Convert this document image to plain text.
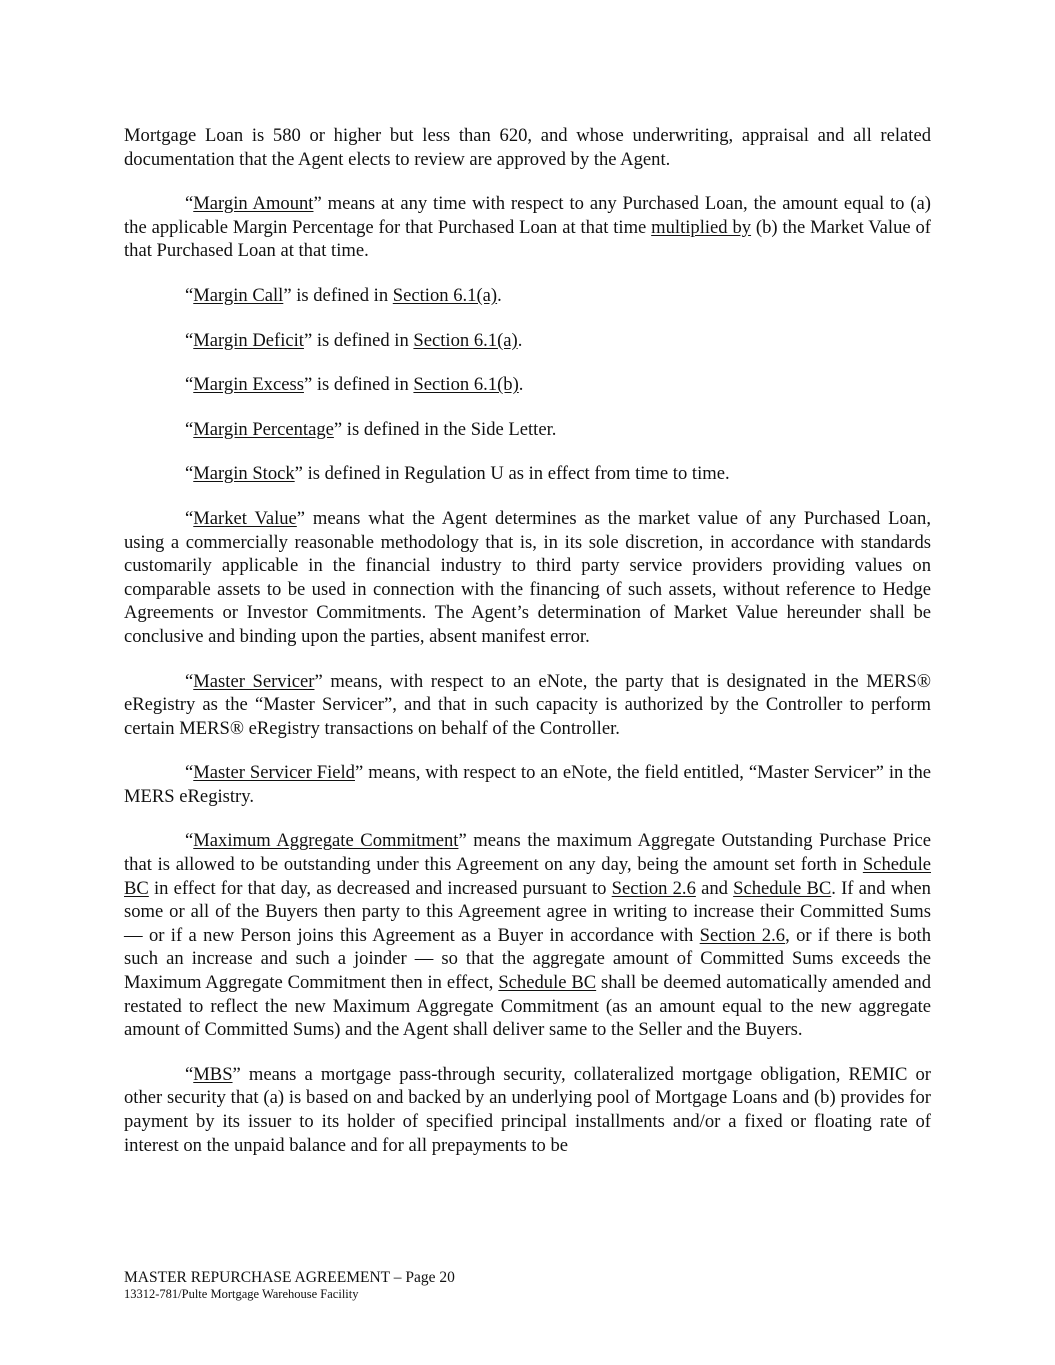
Mortgage Loan is 580 or higher but less than 620, and whose underwriting, appraisal and all related documentation that the Agent elects to review are approved by the Agent.

“Margin Amount” means at any time with respect to any Purchased Loan, the amount equal to (a) the applicable Margin Percentage for that Purchased Loan at that time multiplied by (b) the Market Value of that Purchased Loan at that time.

“Margin Call” is defined in Section 6.1(a).

“Margin Deficit” is defined in Section 6.1(a).

“Margin Excess” is defined in Section 6.1(b).

“Margin Percentage” is defined in the Side Letter.

“Margin Stock” is defined in Regulation U as in effect from time to time.

“Market Value” means what the Agent determines as the market value of any Purchased Loan, using a commercially reasonable methodology that is, in its sole discretion, in accordance with standards customarily applicable in the financial industry to third party service providers providing values on comparable assets to be used in connection with the financing of such assets, without reference to Hedge Agreements or Investor Commitments. The Agent’s determination of Market Value hereunder shall be conclusive and binding upon the parties, absent manifest error.

“Master Servicer” means, with respect to an eNote, the party that is designated in the MERS® eRegistry as the “Master Servicer”, and that in such capacity is authorized by the Controller to perform certain MERS® eRegistry transactions on behalf of the Controller.

“Master Servicer Field” means, with respect to an eNote, the field entitled, “Master Servicer” in the MERS eRegistry.

“Maximum Aggregate Commitment” means the maximum Aggregate Outstanding Purchase Price that is allowed to be outstanding under this Agreement on any day, being the amount set forth in Schedule BC in effect for that day, as decreased and increased pursuant to Section 2.6 and Schedule BC. If and when some or all of the Buyers then party to this Agreement agree in writing to increase their Committed Sums — or if a new Person joins this Agreement as a Buyer in accordance with Section 2.6, or if there is both such an increase and such a joinder — so that the aggregate amount of Committed Sums exceeds the Maximum Aggregate Commitment then in effect, Schedule BC shall be deemed automatically amended and restated to reflect the new Maximum Aggregate Commitment (as an amount equal to the new aggregate amount of Committed Sums) and the Agent shall deliver same to the Seller and the Buyers.

“MBS” means a mortgage pass-through security, collateralized mortgage obligation, REMIC or other security that (a) is based on and backed by an underlying pool of Mortgage Loans and (b) provides for payment by its issuer to its holder of specified principal installments and/or a fixed or floating rate of interest on the unpaid balance and for all prepayments to be

MASTER REPURCHASE AGREEMENT – Page 20
13312-781/Pulte Mortgage Warehouse Facility
